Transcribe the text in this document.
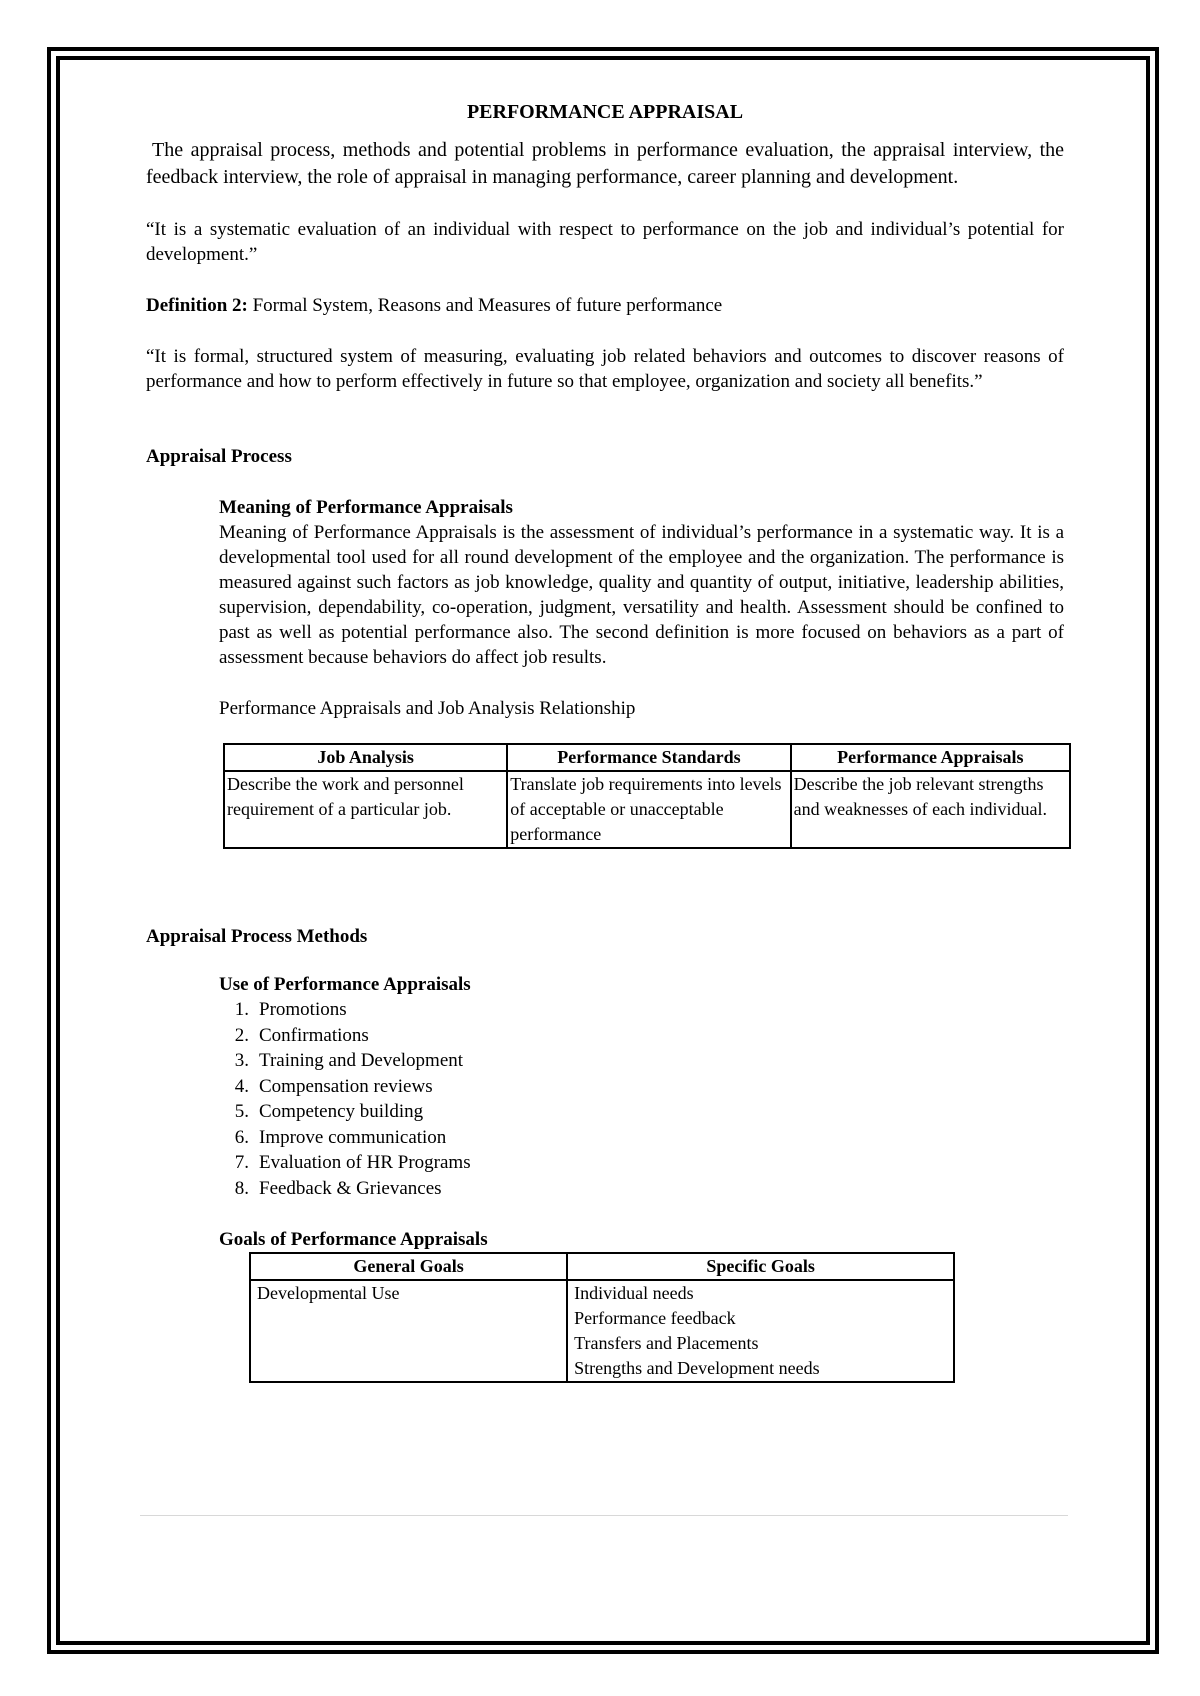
PERFORMANCE APPRAISAL

The appraisal process, methods and potential problems in performance evaluation, the appraisal interview, the feedback interview, the role of appraisal in managing performance, career planning and development.

“It is a systematic evaluation of an individual with respect to performance on the job and individual’s potential for development.”

Definition 2: Formal System, Reasons and Measures of future performance

“It is formal, structured system of measuring, evaluating job related behaviors and outcomes to discover reasons of performance and how to perform effectively in future so that employee, organization and society all benefits.”

Appraisal Process

Meaning of Performance Appraisals

Meaning of Performance Appraisals is the assessment of individual’s performance in a systematic way. It is a developmental tool used for all round development of the employee and the organization. The performance is measured against such factors as job knowledge, quality and quantity of output, initiative, leadership abilities, supervision, dependability, co-operation, judgment, versatility and health. Assessment should be confined to past as well as potential performance also. The second definition is more focused on behaviors as a part of assessment because behaviors do affect job results.

Performance Appraisals and Job Analysis Relationship

Job Analysis	Performance Standards	Performance Appraisals
Describe the work and personnel requirement of a particular job.	Translate job requirements into levels of acceptable or unacceptable performance	Describe the job relevant strengths and weaknesses of each individual.

Appraisal Process Methods

Use of Performance Appraisals

1. Promotions
2. Confirmations
3. Training and Development
4. Compensation reviews
5. Competency building
6. Improve communication
7. Evaluation of HR Programs
8. Feedback & Grievances

Goals of Performance Appraisals

General Goals	Specific Goals
Developmental Use	Individual needs
Performance feedback
Transfers and Placements
Strengths and Development needs
